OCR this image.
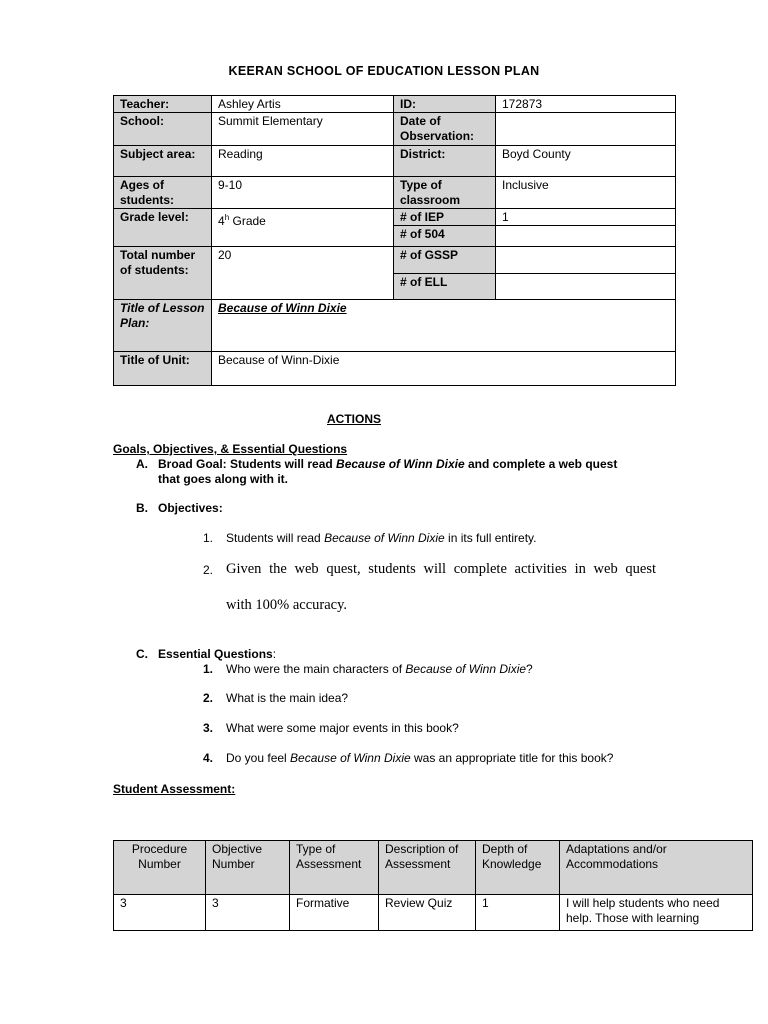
KEERAN SCHOOL OF EDUCATION LESSON PLAN
Teacher:	Ashley Artis	ID:	172873
School:	Summit Elementary	Date of Observation:	
Subject area:	Reading	District:	Boyd County
Ages of students:	9-10	Type of classroom	Inclusive
Grade level:	4$^h$ Grade	# of IEP	1
		# of 504	
Total number of students:	20	# of GSSP	
		# of ELL	
Title of Lesson Plan:	Because of Winn Dixie		
Title of Unit:	Because of Winn-Dixie		
ACTIONS
Goals, Objectives, & Essential Questions
A. Broad Goal: Students will read Because of Winn Dixie and complete a web quest
that goes along with it.
B. Objectives:
1. Students will read Because of Winn Dixie in its full entirety.
2. Given the web quest, students will complete activities in web quest
with 100% accuracy.
C. Essential Questions:
1. Who were the main characters of Because of Winn Dixie?
2. What is the main idea?
3. What were some major events in this book?
4. Do you feel Because of Winn Dixie was an appropriate title for this book?
Student Assessment:
Procedure Number	Objective Number	Type of Assessment	Description of Assessment	Depth of Knowledge	Adaptations and/or Accommodations
3	3	Formative	Review Quiz	1	I will help students who need help. Those with learning
